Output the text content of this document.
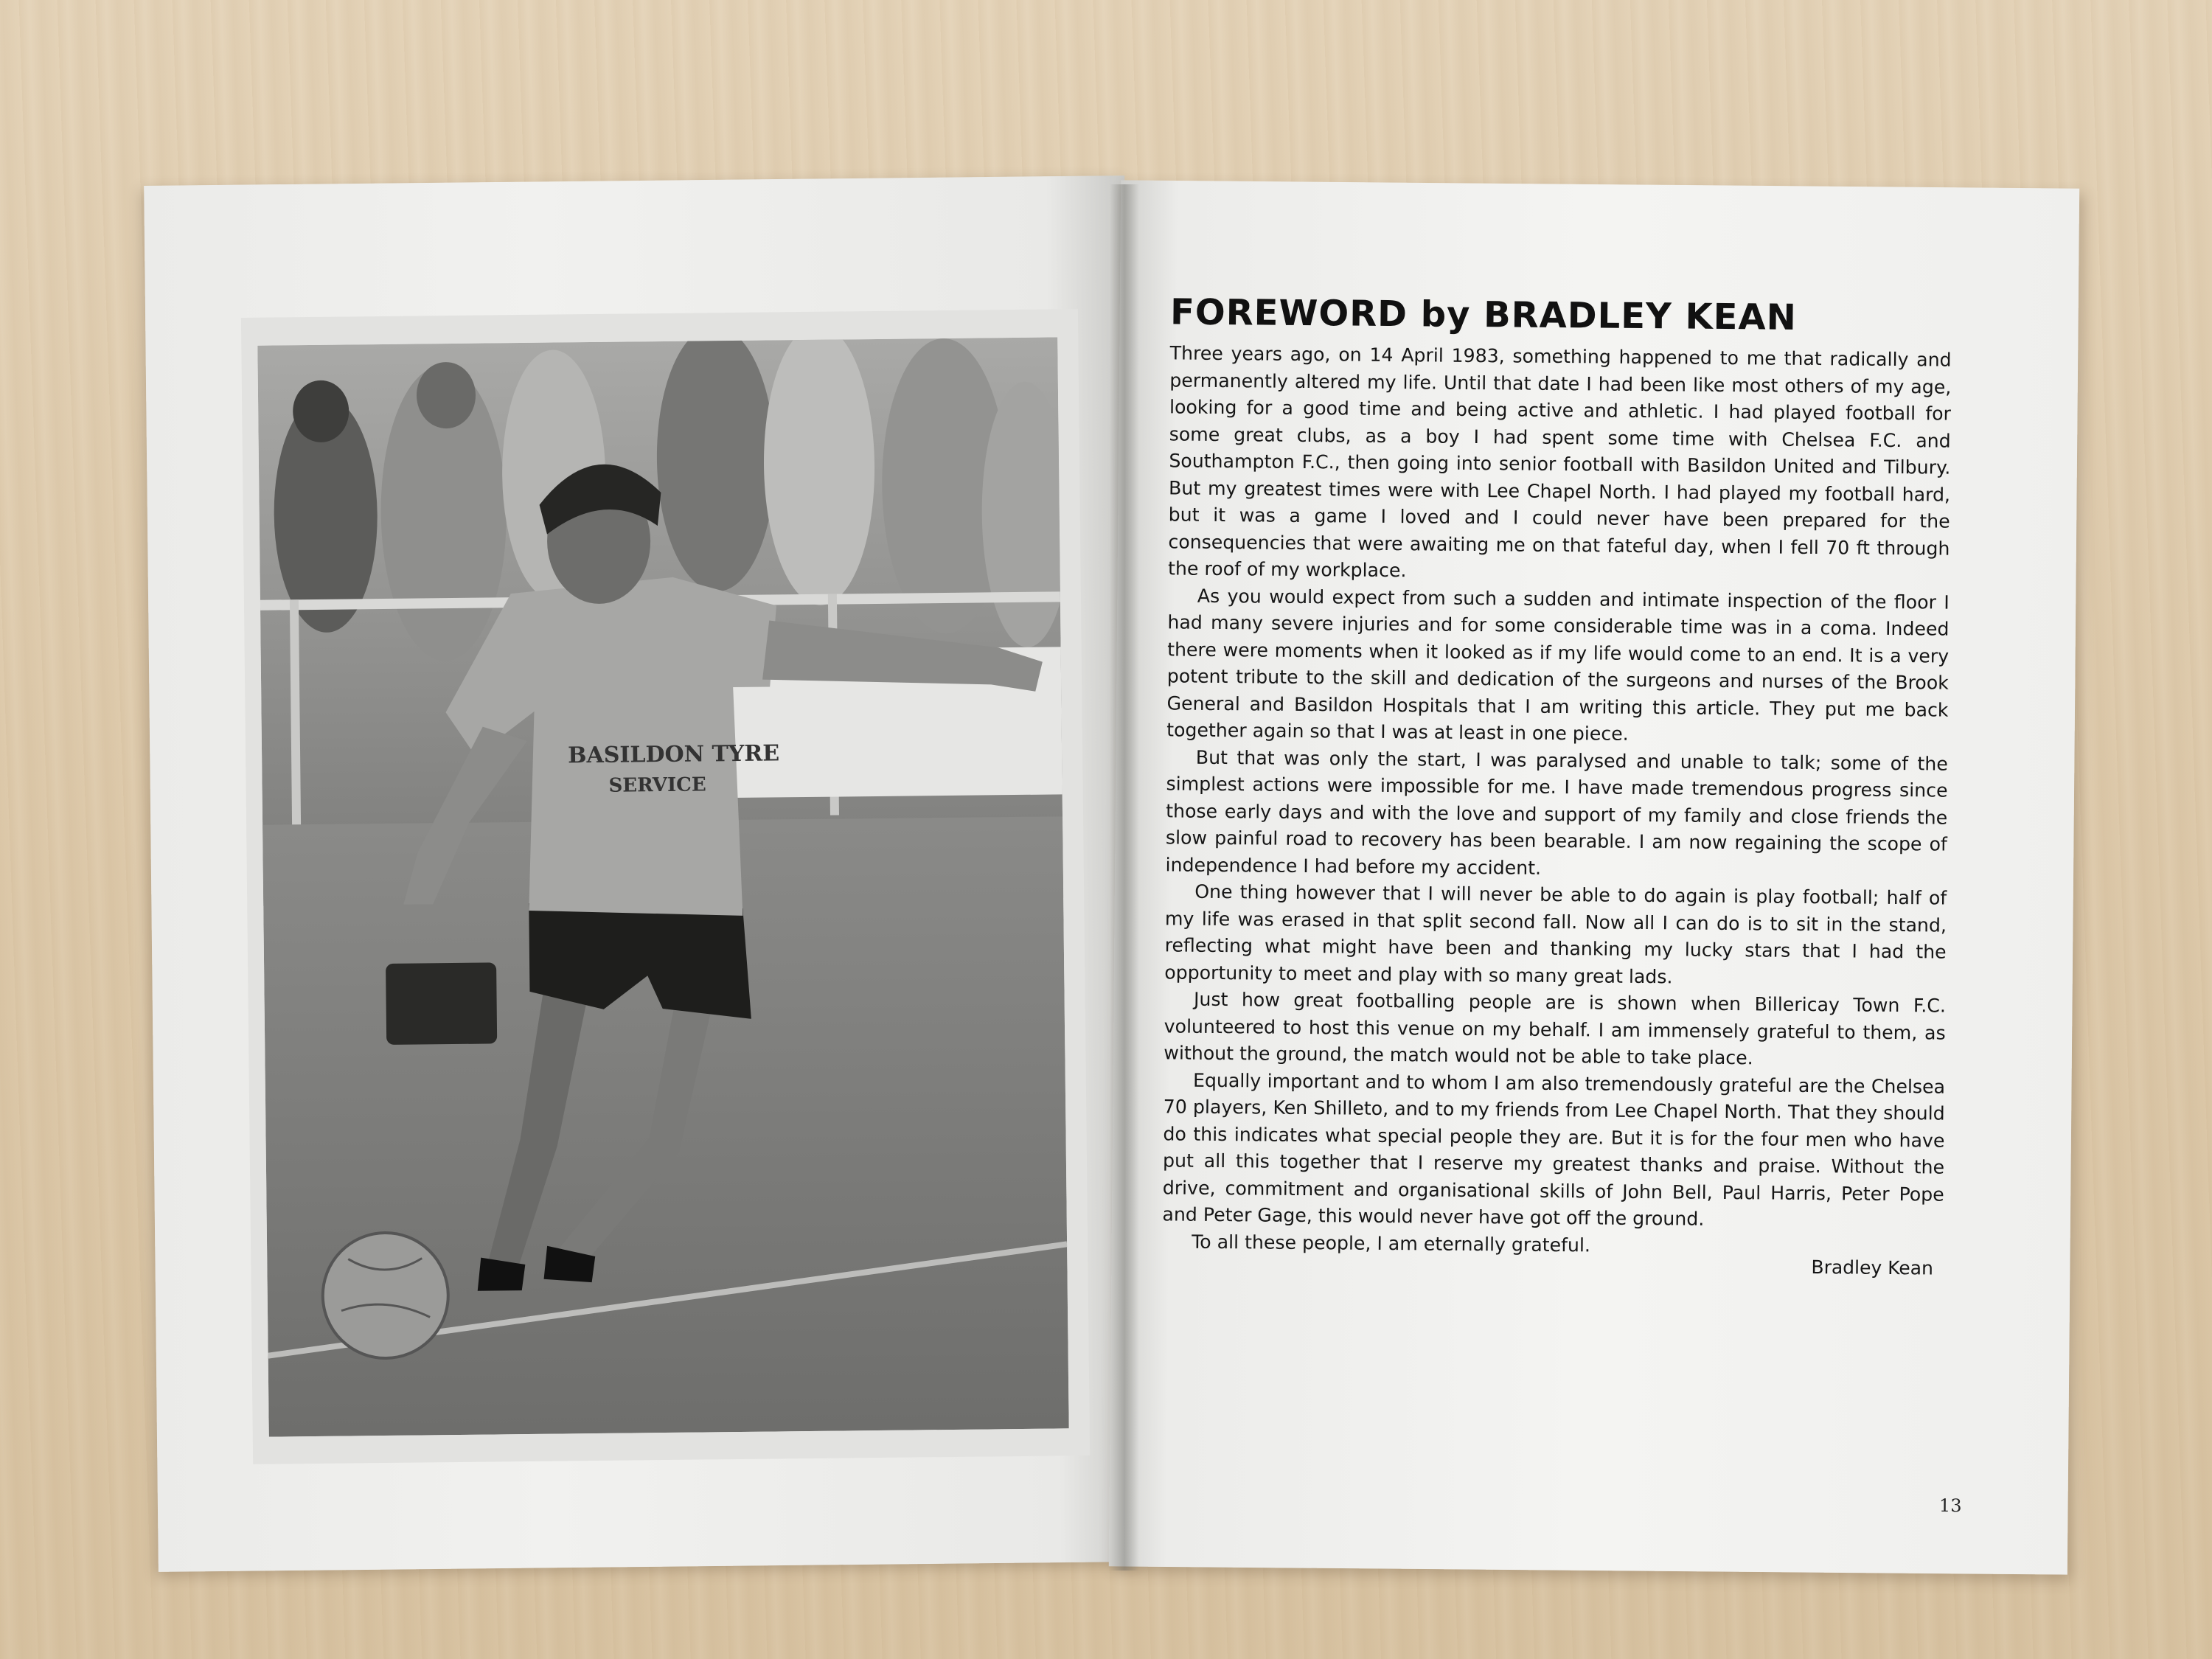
BASILDON TYRE
SERVICE
FOREWORD by BRADLEY KEAN

Three years ago, on 14 April 1983, something happened to me that radically and permanently altered my life. Until that date I had been like most others of my age, looking for a good time and being active and athletic. I had played football for some great clubs, as a boy I had spent some time with Chelsea F.C. and Southampton F.C., then going into senior football with Basildon United and Tilbury. But my greatest times were with Lee Chapel North. I had played my football hard, but it was a game I loved and I could never have been prepared for the consequencies that were awaiting me on that fateful day, when I fell 70 ft through the roof of my workplace.

As you would expect from such a sudden and intimate inspection of the floor I had many severe injuries and for some considerable time was in a coma. Indeed there were moments when it looked as if my life would come to an end. It is a very potent tribute to the skill and dedication of the surgeons and nurses of the Brook General and Basildon Hospitals that I am writing this article. They put me back together again so that I was at least in one piece.

But that was only the start, I was paralysed and unable to talk; some of the simplest actions were impossible for me. I have made tremendous progress since those early days and with the love and support of my family and close friends the slow painful road to recovery has been bearable. I am now regaining the scope of independence I had before my accident.

One thing however that I will never be able to do again is play football; half of my life was erased in that split second fall. Now all I can do is to sit in the stand, reflecting what might have been and thanking my lucky stars that I had the opportunity to meet and play with so many great lads.

Just how great footballing people are is shown when Billericay Town F.C. volunteered to host this venue on my behalf. I am immensely grateful to them, as without the ground, the match would not be able to take place.

Equally important and to whom I am also tremendously grateful are the Chelsea 70 players, Ken Shilleto, and to my friends from Lee Chapel North. That they should do this indicates what special people they are. But it is for the four men who have put all this together that I reserve my greatest thanks and praise. Without the drive, commitment and organisational skills of John Bell, Paul Harris, Peter Pope and Peter Gage, this would never have got off the ground.

To all these people, I am eternally grateful.

Bradley Kean
13
